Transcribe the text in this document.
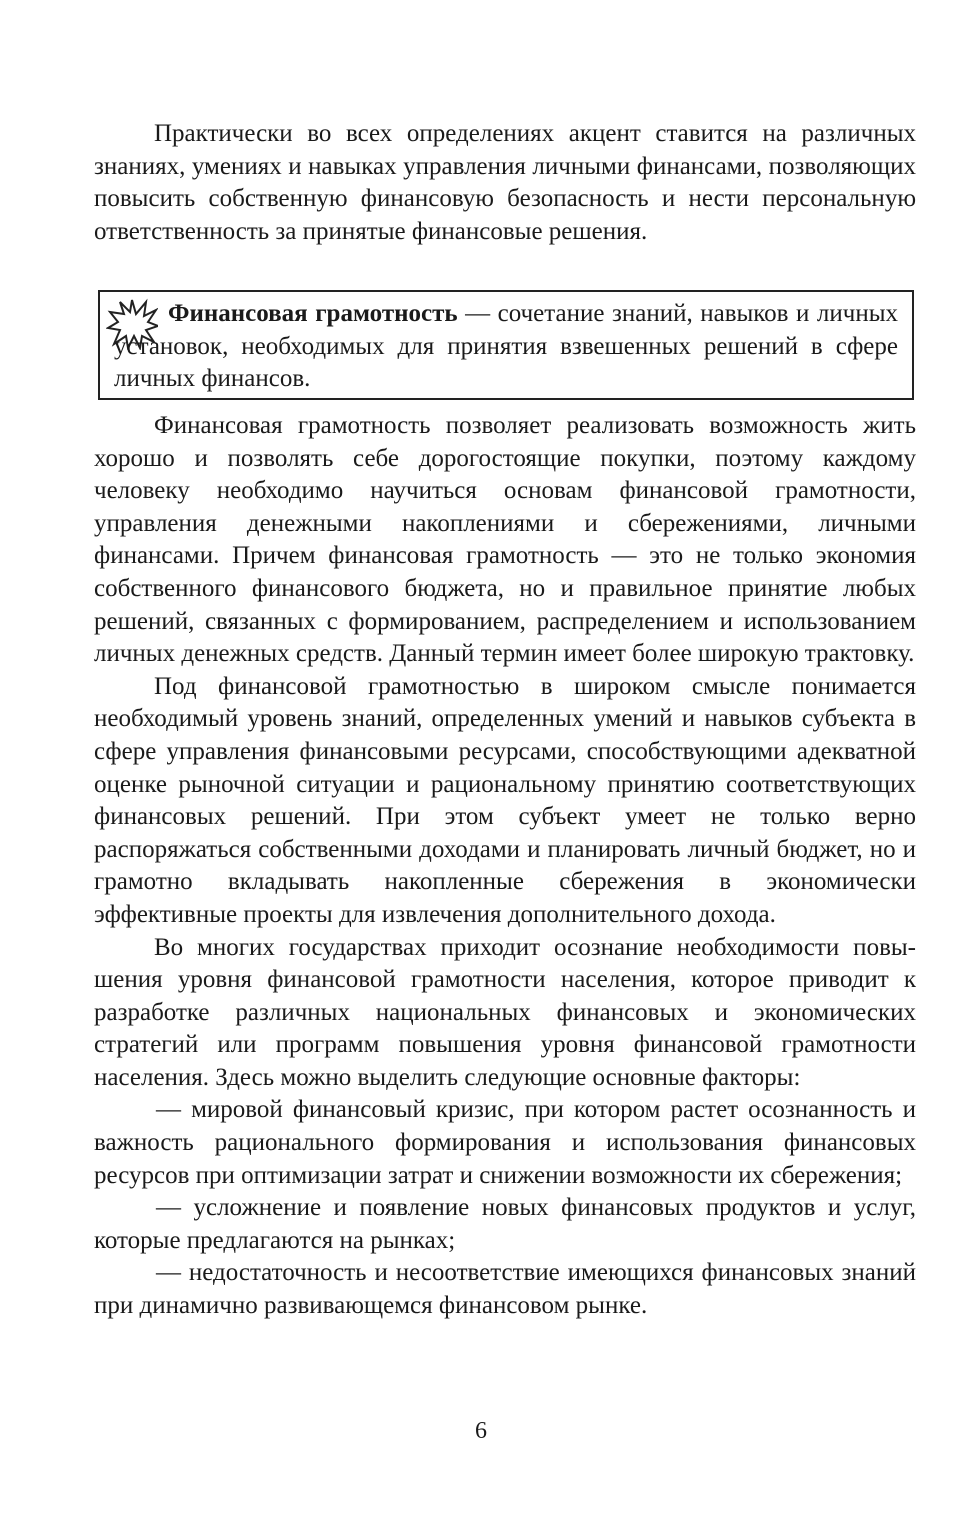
Практически во всех определениях акцент ставится на различных знаниях, умениях и навыках управления личными финансами, позволяющих повысить собственную финансовую безопасность и нести персональную ответственность за принятые финансовые решения.

Финансовая грамотность — сочетание знаний, навыков и личных установок, необходимых для принятия взвешенных решений в сфере личных финансов.

Финансовая грамотность позволяет реализовать возможность жить хорошо и позволять себе дорогостоящие покупки, поэтому каждому человеку необходимо научиться основам финансовой грамотности, управления денежными накоплениями и сбережениями, личными финансами. Причем финансовая грамотность — это не только экономия собственного финансового бюджета, но и правильное принятие любых решений, связанных с формированием, распределением и использованием личных денежных средств. Данный термин имеет более широкую трактовку.

Под финансовой грамотностью в широком смысле понимается необходимый уровень знаний, определенных умений и навыков субъекта в сфере управления финансовыми ресурсами, способствующими адекватной оценке рыночной ситуации и рациональному принятию соответствующих финансовых решений. При этом субъект умеет не только верно распоряжаться собственными доходами и планировать личный бюджет, но и грамотно вкладывать накопленные сбережения в экономически эффективные проекты для извлечения дополнительного дохода.

Во многих государствах приходит осознание необходимости повышения уровня финансовой грамотности населения, которое приводит к разработке различных национальных финансовых и экономических стратегий или программ повышения уровня финансовой грамотности населения. Здесь можно выделить следующие основные факторы:

— мировой финансовый кризис, при котором растет осознанность и важность рационального формирования и использования финансовых ресурсов при оптимизации затрат и снижении возможности их сбережения;

— усложнение и появление новых финансовых продуктов и услуг, которые предлагаются на рынках;

— недостаточность и несоответствие имеющихся финансовых знаний при динамично развивающемся финансовом рынке.

6
